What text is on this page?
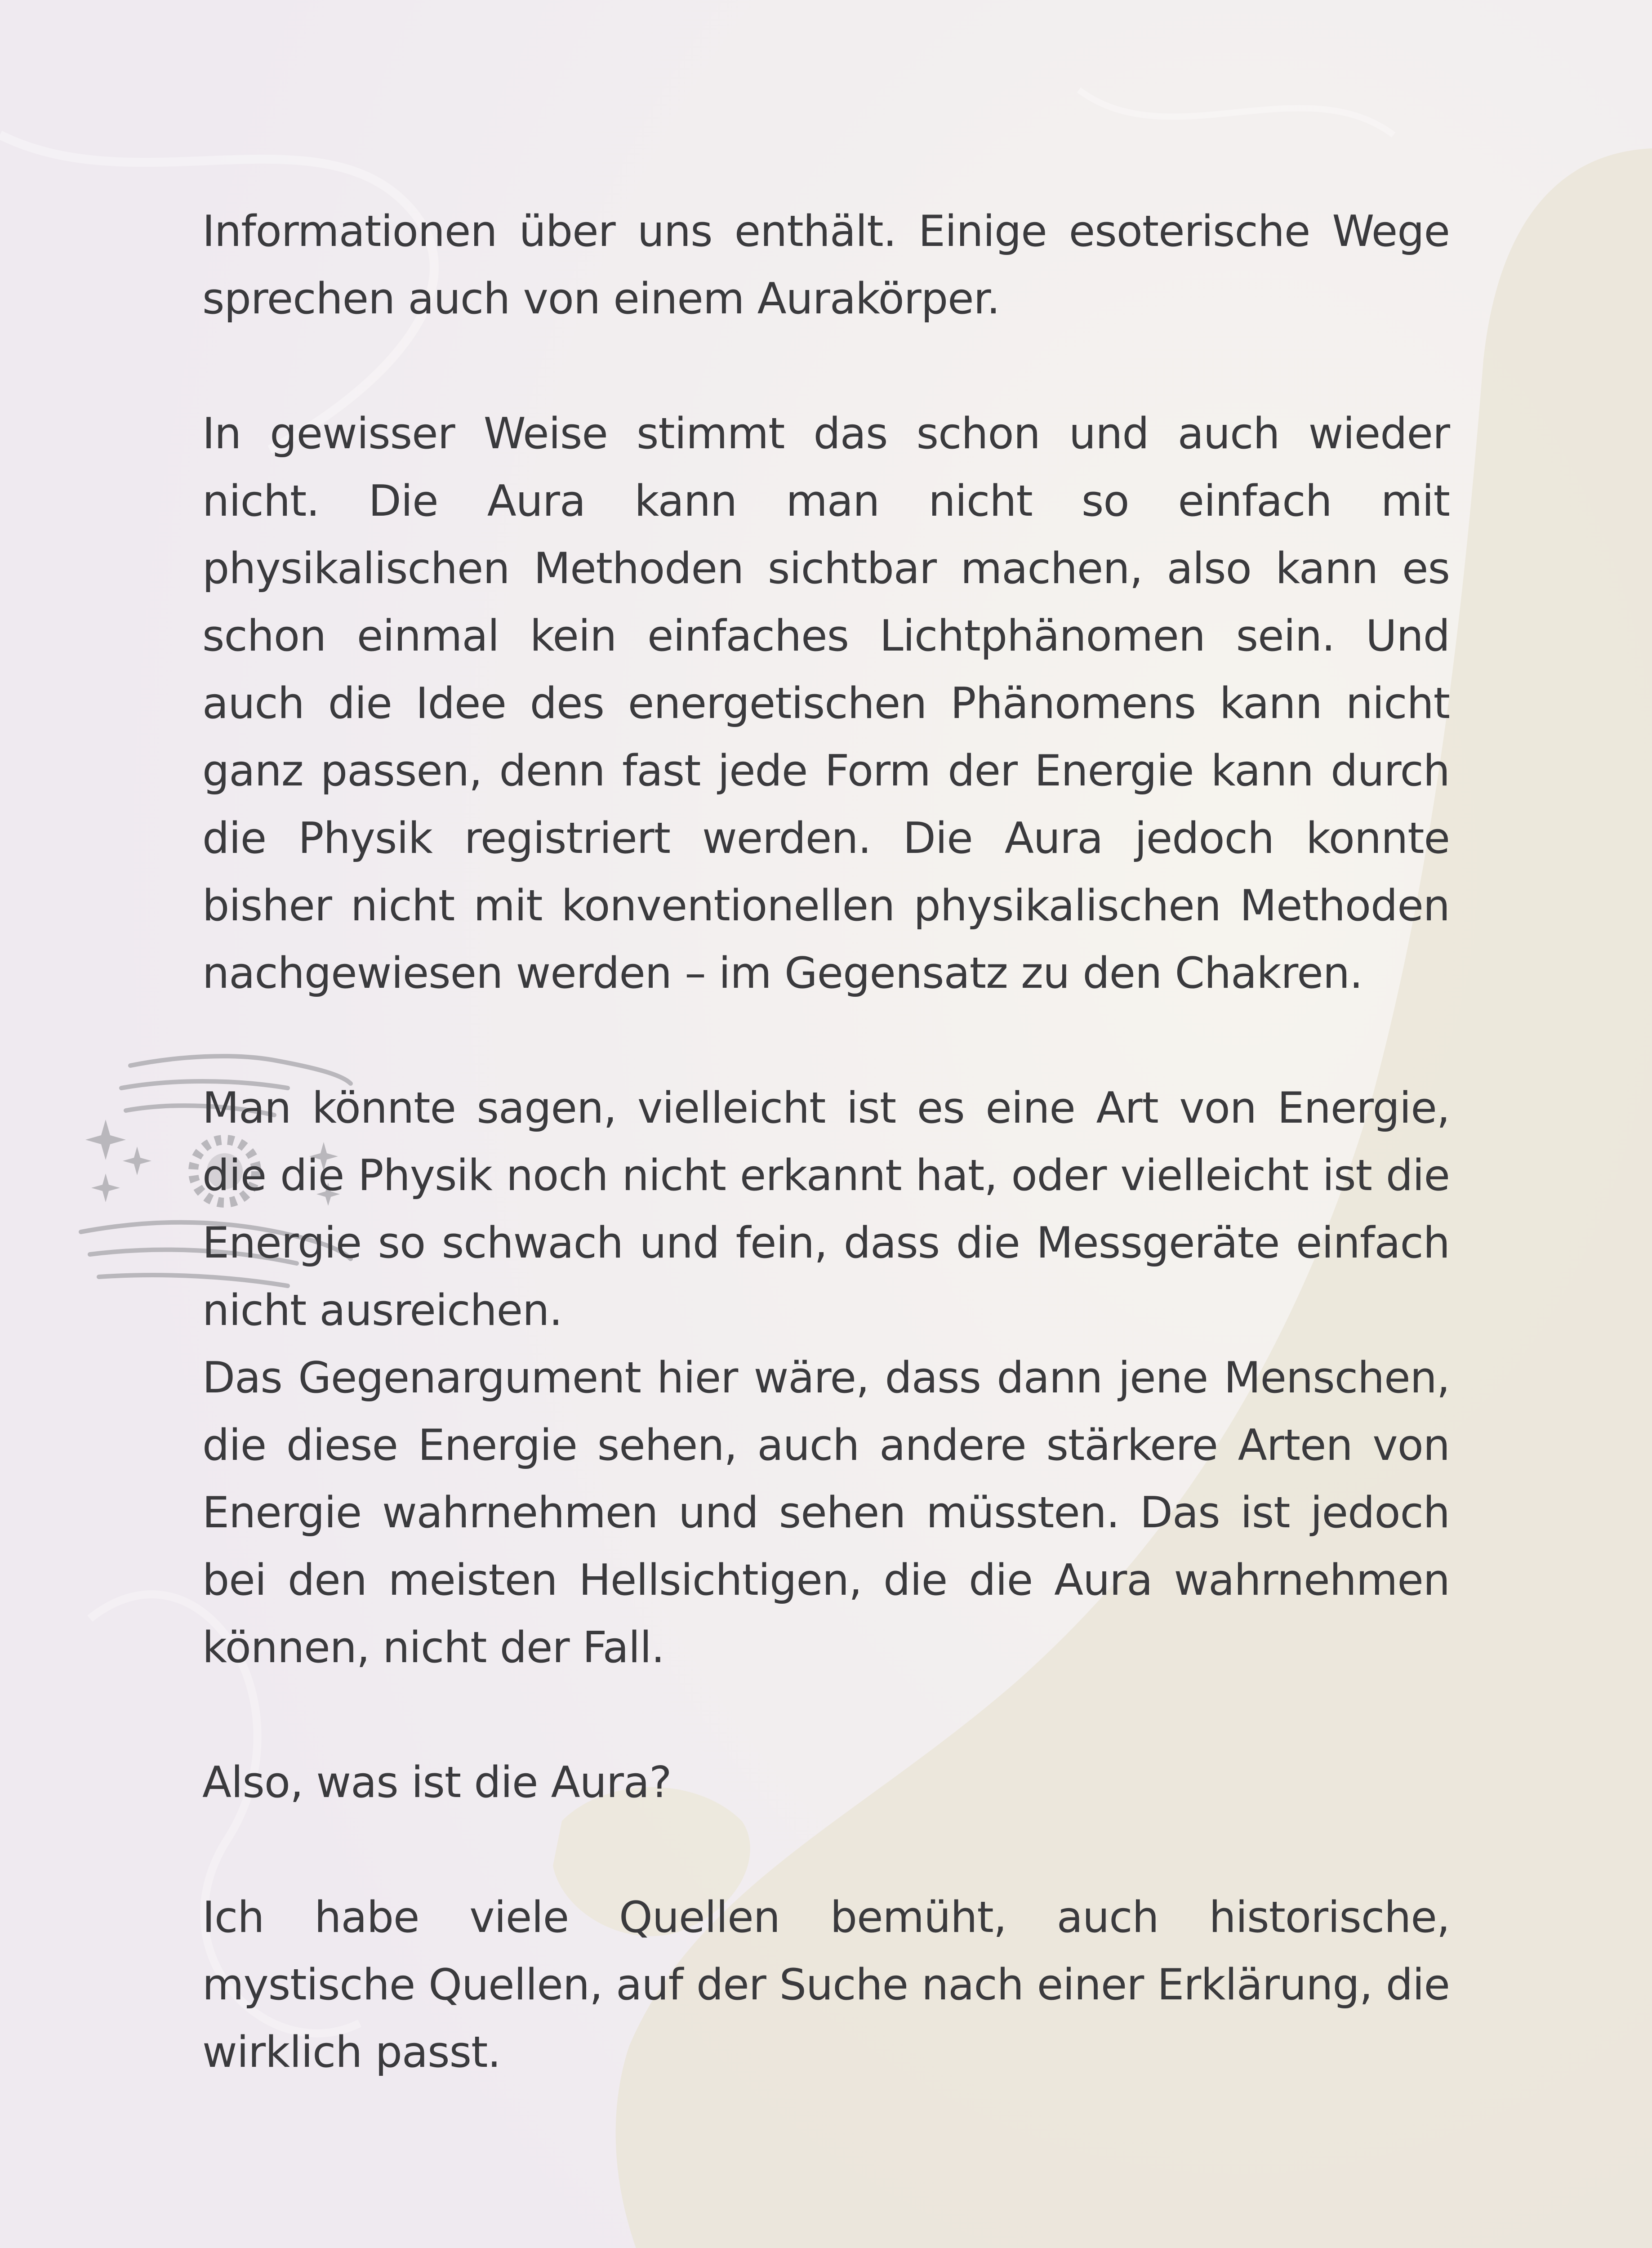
Informationen über uns enthält. Einige esoterische Wege sprechen auch von einem Aurakörper.

In gewisser Weise stimmt das schon und auch wieder nicht. Die Aura kann man nicht so einfach mit physikalischen Methoden sichtbar machen, also kann es schon einmal kein einfaches Lichtphänomen sein. Und auch die Idee des energetischen Phänomens kann nicht ganz passen, denn fast jede Form der Energie kann durch die Physik registriert werden. Die Aura jedoch konnte bisher nicht mit konventionellen physikalischen Methoden nachgewiesen werden – im Gegensatz zu den Chakren.

Man könnte sagen, vielleicht ist es eine Art von Energie, die die Physik noch nicht erkannt hat, oder vielleicht ist die Energie so schwach und fein, dass die Messgeräte einfach nicht ausreichen.

Das Gegenargument hier wäre, dass dann jene Menschen, die diese Energie sehen, auch andere stärkere Arten von Energie wahrnehmen und sehen müssten. Das ist jedoch bei den meisten Hellsichtigen, die die Aura wahrnehmen können, nicht der Fall.

Also, was ist die Aura?

Ich habe viele Quellen bemüht, auch historische, mystische Quellen, auf der Suche nach einer Erklärung, die wirklich passt.
